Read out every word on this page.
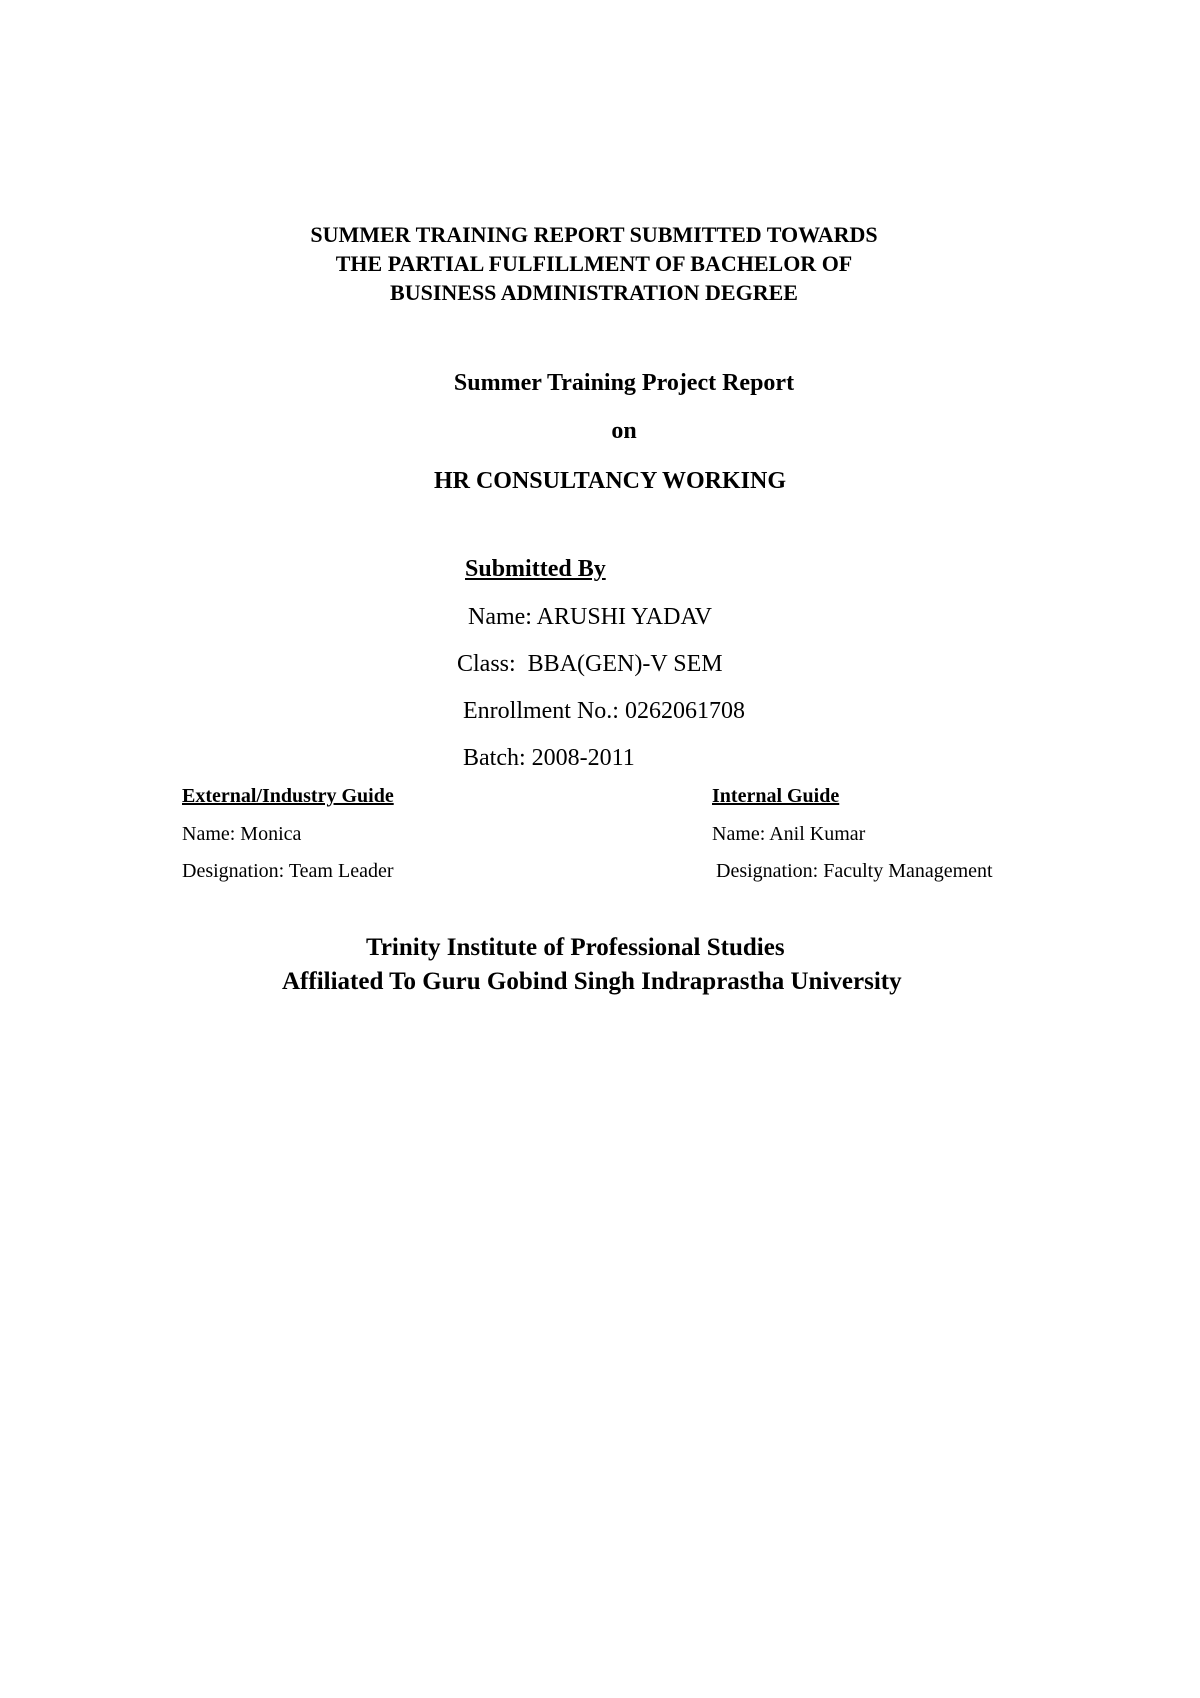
SUMMER TRAINING REPORT SUBMITTED TOWARDS
THE PARTIAL FULFILLMENT OF BACHELOR OF
BUSINESS ADMINISTRATION DEGREE
Summer Training Project Report
on
HR CONSULTANCY WORKING
Submitted By
Name: ARUSHI YADAV
Class:  BBA(GEN)-V SEM
Enrollment No.: 0262061708
Batch: 2008-2011
External/Industry Guide
Name: Monica
Designation: Team Leader
Internal Guide
Name: Anil Kumar
Designation: Faculty Management
Trinity Institute of Professional Studies
Affiliated To Guru Gobind Singh Indraprastha University
